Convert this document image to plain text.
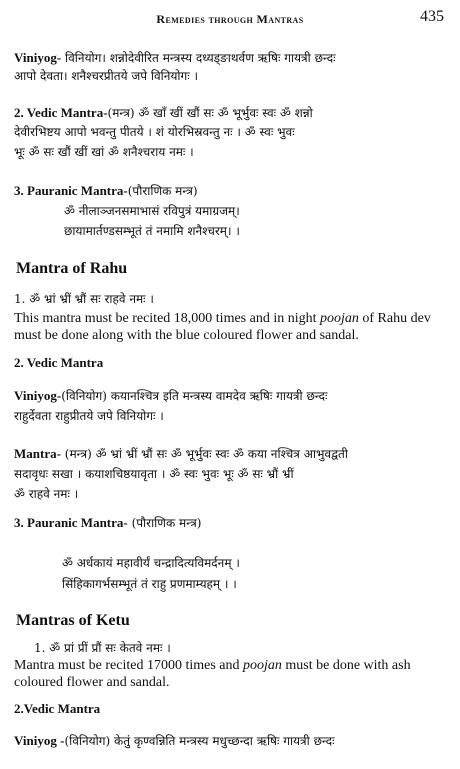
Remedies through Mantras	435
Viniyog- विनियोग। शन्नोदेवीरित मन्त्रस्य दध्यड्ङाथर्वण ऋषिः गायत्री छन्दः
आपो देवता। शनैश्चरप्रीतये जपे विनियोगः ।
2. Vedic Mantra-(मन्त्र) ॐ खाँ खीं खौं सः ॐ भूर्भुवः स्वः ॐ शन्नो
देवीरभिष्टय आपो भवन्तु पीतये । शं योरभिस्रवन्तु नः । ॐ स्वः भुवः
भूः ॐ सः खौं खीं खां ॐ शनैश्चराय नमः ।
3. Pauranic Mantra-(पौराणिक मन्त्र)
ॐ नीलाञ्जनसमाभासं रविपुत्रं यमाग्रजम्।
छायामार्तण्डसम्भूतं तं नमामि शनैश्चरम्। ।
Mantra of Rahu
1. ॐ भ्रां भ्रीं भ्रौं सः राहवे नमः ।
This mantra must be recited 18,000 times and in night poojan of Rahu dev must be done along with the blue coloured flower and sandal.
2. Vedic Mantra
Viniyog-(विनियोग) कयानश्चित्र इति मन्त्रस्य वामदेव ऋषिः गायत्री छन्दः
राहुर्देवता राहुप्रीतये जपे विनियोगः ।
Mantra- (मन्त्र) ॐ भ्रां भ्रीं भ्रौं सः ॐ भूर्भुवः स्वः ॐ कया नश्चित्र आभुवद्वती
सदावृधः सखा । कयाशचिष्ठयावृता । ॐ स्वः भुवः भूः ॐ सः भ्रौं भ्रीं
ॐ राहवे नमः ।
3. Pauranic Mantra- (पौराणिक मन्त्र)
ॐ अर्धकायं महावीर्यं चन्द्रादित्यविमर्दनम् ।
सिंहिकागर्भसम्भूतं तं राहु प्रणमाम्यहम् । ।
Mantras of Ketu
1. ॐ प्रां प्रीं प्रौं सः केतवे नमः ।
Mantra must be recited 17000 times and poojan must be done with ash coloured flower and sandal.
2.Vedic Mantra
Viniyog -(विनियोग) केतुं कृण्वन्निति मन्त्रस्य मधुच्छन्दा ऋषिः गायत्री छन्दः
